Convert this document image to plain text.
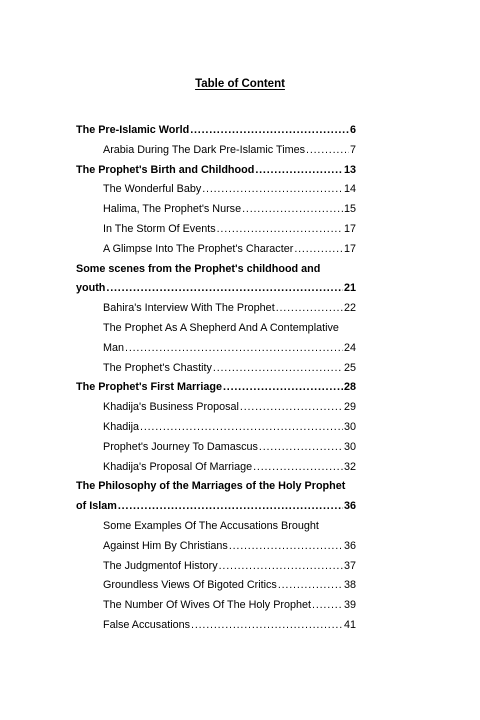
Table of Content
The Pre-Islamic World . . .	6
Arabia During The Dark Pre-Islamic Times . . .	7
The Prophet's Birth and Childhood . . .	13
The Wonderful Baby . . .	14
Halima, The Prophet's Nurse . . .	15
In The Storm Of Events . . .	17
A Glimpse Into The Prophet's Character . . .	17
Some scenes from the Prophet's childhood and
youth . . .	21
Bahira's Interview With The Prophet . . .	22
The Prophet As A Shepherd And A Contemplative
Man . . .	24
The Prophet's Chastity . . .	25
The Prophet's First Marriage . . .	28
Khadija's Business Proposal . . .	29
Khadija . . .	30
Prophet's Journey To Damascus . . .	30
Khadija's Proposal Of Marriage . . .	32
The Philosophy of the Marriages of the Holy Prophet
of Islam . . .	36
Some Examples Of The Accusations Brought
Against Him By Christians . . .	36
The Judgmentof History . . .	37
Groundless Views Of Bigoted Critics . . .	38
The Number Of Wives Of The Holy Prophet . . .	39
False Accusations . . .	41
